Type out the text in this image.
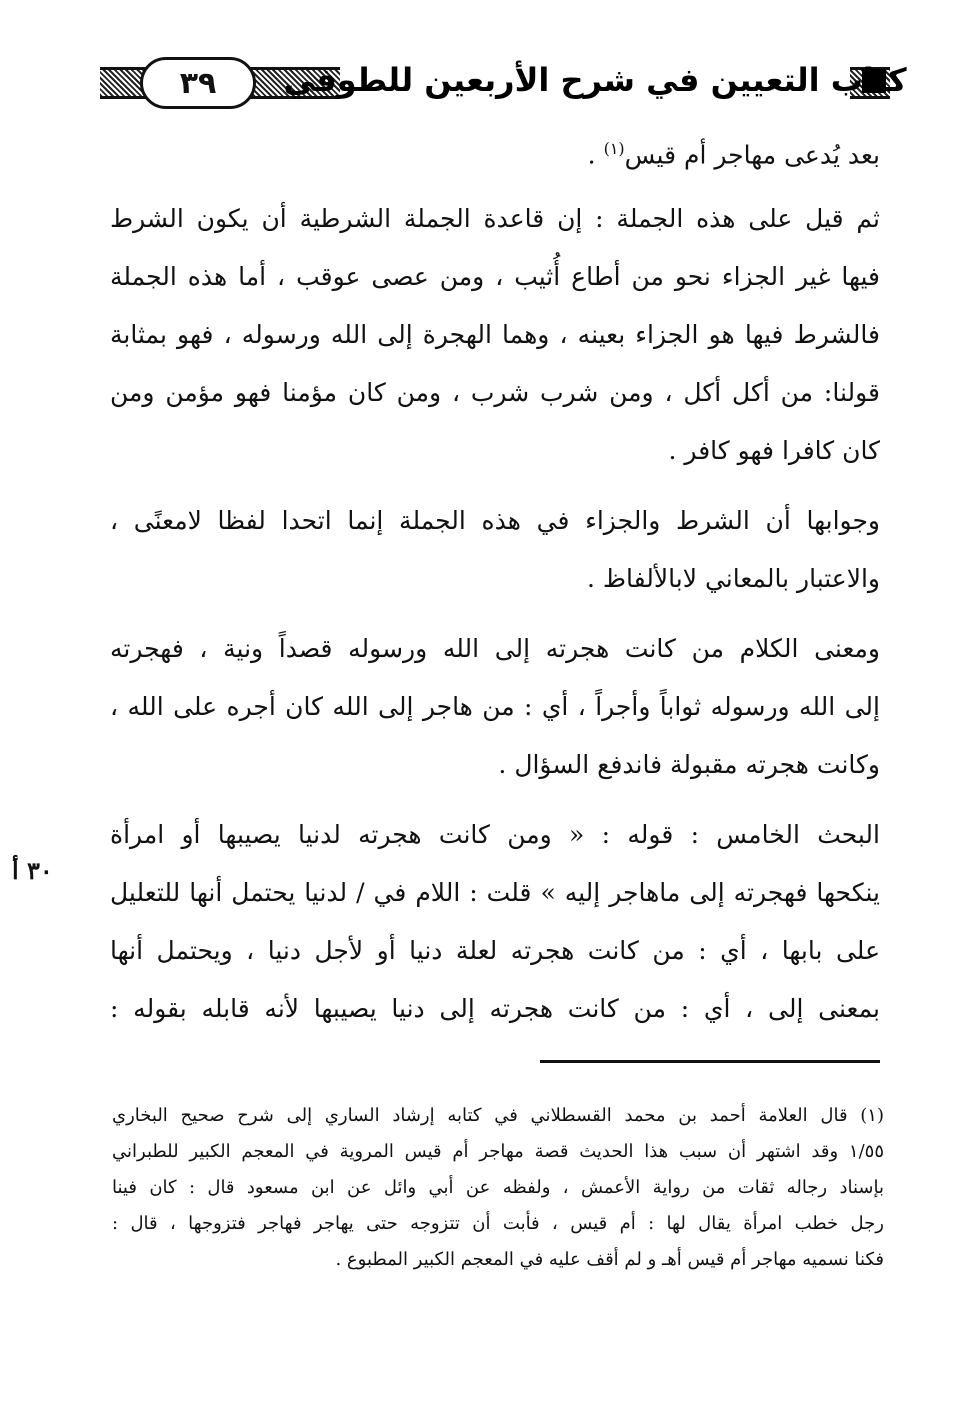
كتاب التعيين في شرح الأربعين للطوفي
٣٩
بعد يُدعى مهاجر أم قيس$^{(١)}$ .
ثم قيل على هذه الجملة : إن قاعدة الجملة الشرطية أن يكون الشرط
فيها غير الجزاء نحو من أطاع أُثيب ، ومن عصى عوقب ، أما هذه الجملة
فالشرط فيها هو الجزاء بعينه ، وهما الهجرة إلى الله ورسوله ، فهو بمثابة
قولنا: من أكل أكل ، ومن شرب شرب ، ومن كان مؤمنا فهو مؤمن ومن
كان كافرا فهو كافر .
وجوابها أن الشرط والجزاء في هذه الجملة إنما اتحدا لفظا لامعنًى ،
والاعتبار بالمعاني لابالألفاظ .
ومعنى الكلام من كانت هجرته إلى الله ورسوله قصداً ونية ، فهجرته
إلى الله ورسوله ثواباً وأجراً ، أي : من هاجر إلى الله كان أجره على الله ،
وكانت هجرته مقبولة فاندفع السؤال .
البحث الخامس : قوله : « ومن كانت هجرته لدنيا يصيبها أو امرأة
ينكحها فهجرته إلى ماهاجر إليه » قلت : اللام في / لدنيا يحتمل أنها للتعليل
على بابها ، أي : من كانت هجرته لعلة دنيا أو لأجل دنيا ، ويحتمل أنها
بمعنى إلى ، أي : من كانت هجرته إلى دنيا يصيبها لأنه قابله بقوله :
٣٠ أ
(١) قال العلامة أحمد بن محمد القسطلاني في كتابه إرشاد الساري إلى شرح صحيح البخاري
١/٥٥ وقد اشتهر أن سبب هذا الحديث قصة مهاجر أم قيس المروية في المعجم الكبير للطبراني
بإسناد رجاله ثقات من رواية الأعمش ، ولفظه عن أبي وائل عن ابن مسعود قال : كان فينا
رجل خطب امرأة يقال لها : أم قيس ، فأبت أن تتزوجه حتى يهاجر فهاجر فتزوجها ، قال :
فكنا نسميه مهاجر أم قيس أهـ و لم أقف عليه في المعجم الكبير المطبوع .
